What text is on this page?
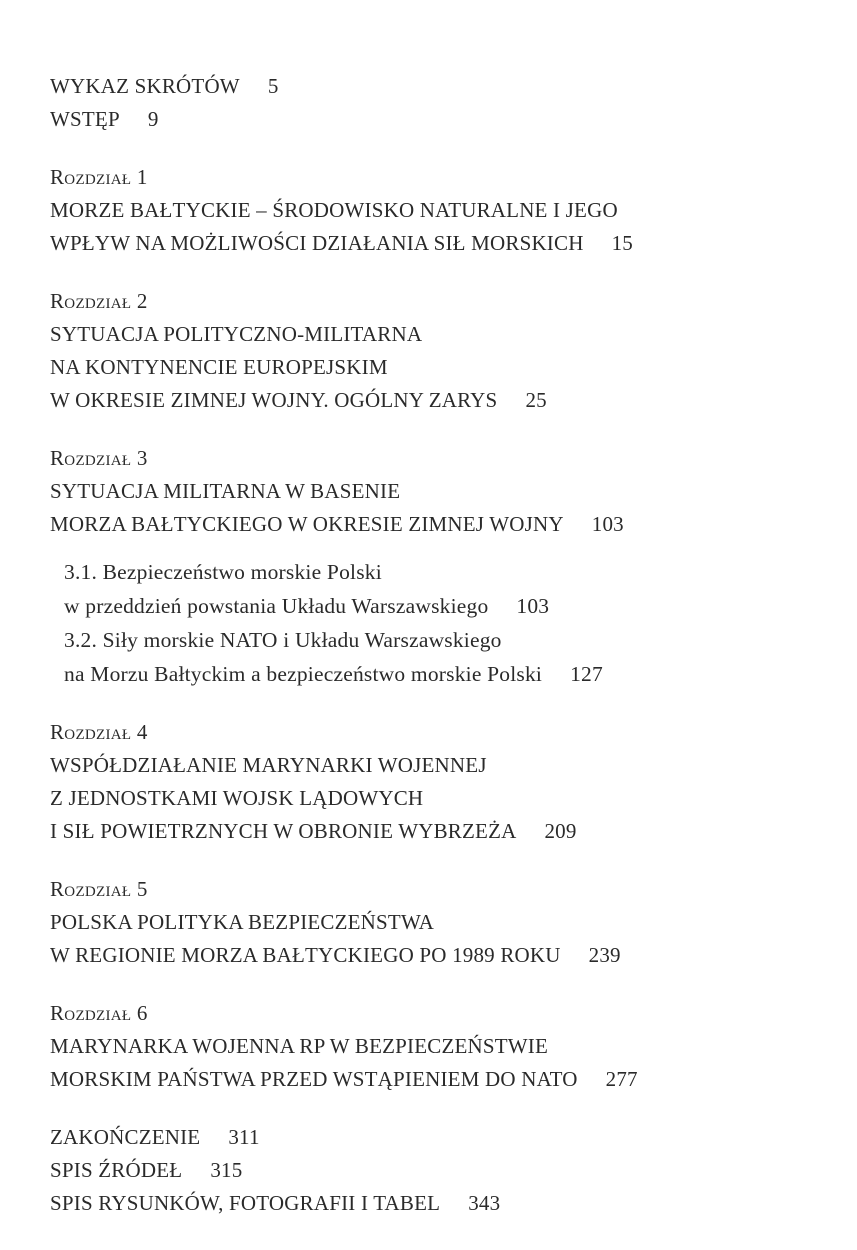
WYKAZ SKRÓTÓW 5
WSTĘP 9
Rozdział 1
MORZE BAŁTYCKIE – ŚRODOWISKO NATURALNE I JEGO
WPŁYW NA MOŻLIWOŚCI DZIAŁANIA SIŁ MORSKICH 15
Rozdział 2
SYTUACJA POLITYCZNO-MILITARNA
NA KONTYNENCIE EUROPEJSKIM
W OKRESIE ZIMNEJ WOJNY. OGÓLNY ZARYS 25
Rozdział 3
SYTUACJA MILITARNA W BASENIE
MORZA BAŁTYCKIEGO W OKRESIE ZIMNEJ WOJNY 103
3.1. Bezpieczeństwo morskie Polski
w przeddzień powstania Układu Warszawskiego 103
3.2. Siły morskie NATO i Układu Warszawskiego
na Morzu Bałtyckim a bezpieczeństwo morskie Polski 127
Rozdział 4
WSPÓŁDZIAŁANIE MARYNARKI WOJENNEJ
Z JEDNOSTKAMI WOJSK LĄDOWYCH
I SIŁ POWIETRZNYCH W OBRONIE WYBRZEŻA 209
Rozdział 5
POLSKA POLITYKA BEZPIECZEŃSTWA
W REGIONIE MORZA BAŁTYCKIEGO PO 1989 ROKU 239
Rozdział 6
MARYNARKA WOJENNA RP W BEZPIECZEŃSTWIE
MORSKIM PAŃSTWA PRZED WSTĄPIENIEM DO NATO 277
ZAKOŃCZENIE 311
SPIS ŹRÓDEŁ 315
SPIS RYSUNKÓW, FOTOGRAFII I TABEL 343
